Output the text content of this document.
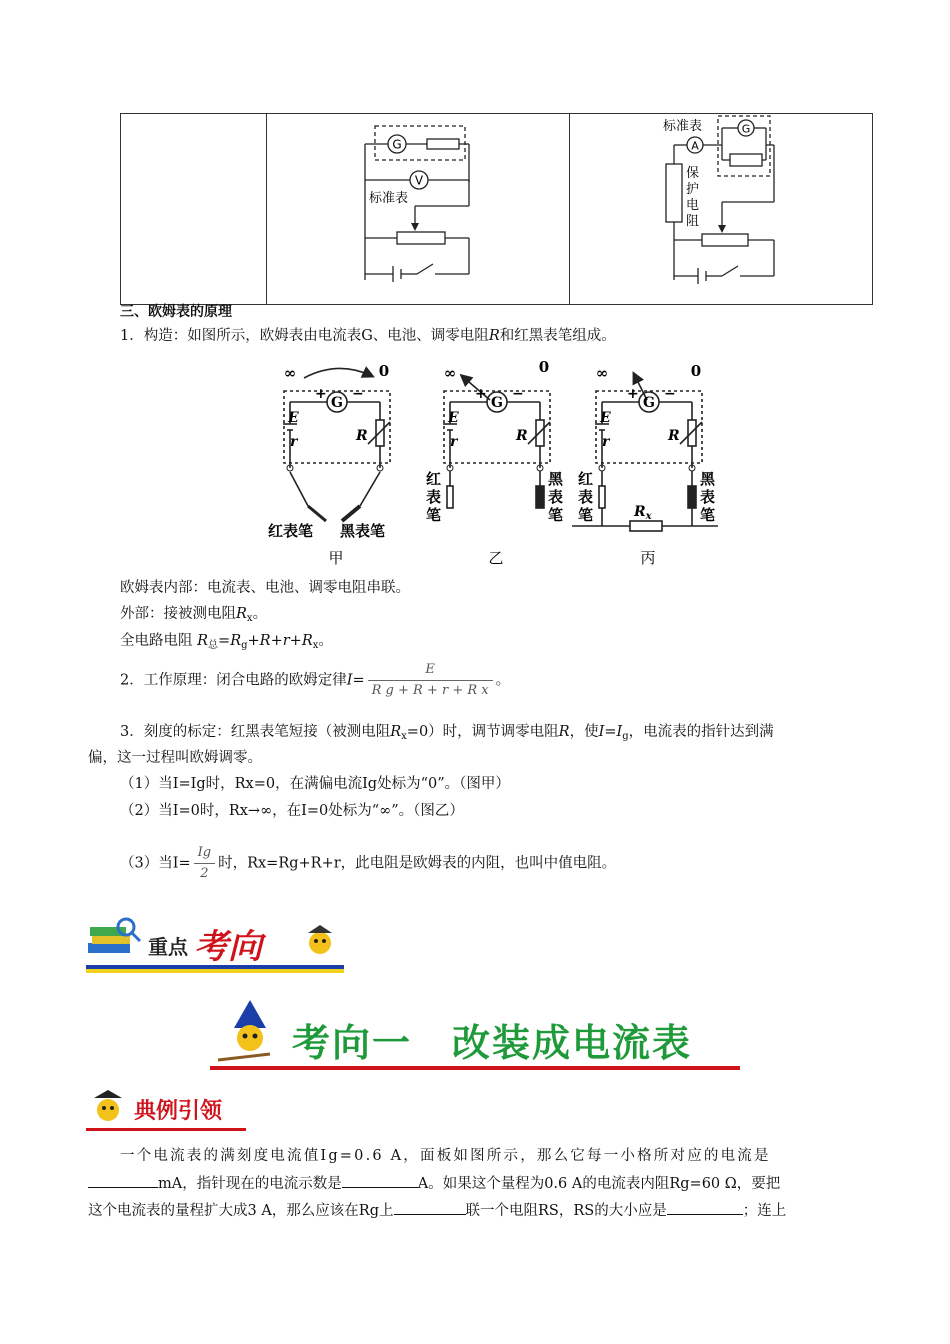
G
V
标准表

G
A
标准表
保
护
电
阻
三、欧姆表的原理
1．构造：如图所示，欧姆表由电流表G、电池、调零电阻R和红黑表笔组成。
∞	0
G
+ −
E
r	R
红表笔 黑表笔
甲
∞	0
G
+ −
E
r	R
红
表
笔
黑
表
笔
乙
∞	0
G
+ −
E
r	R
$R_x$
红
表
笔
黑
表
笔
丙
欧姆表内部：电流表、电池、调零电阻串联。
外部：接被测电阻$R_x$。
全电路电阻 $R_总=R_g+R+r+R_x$。
2．工作原理：闭合电路的欧姆定律$I= \frac{E}{\text{R g + R + r + R x}}$ 。
3．刻度的标定：红黑表笔短接（被测电阻$R_x=0$）时，调节调零电阻R，使$I=I_g$，电流表的指针达到满
偏，这一过程叫欧姆调零。
（1）当I=Ig时，Rx=0，在满偏电流Ig处标为“0”。（图甲）
（2）当I=0时，Rx→∞，在I=0处标为“∞”。（图乙）
（3）当$I= \frac{Ig}{2}$ 时，Rx=Rg+R+r，此电阻是欧姆表的内阻，也叫中值电阻。
重点 考向
考向一　改装成电流表
典例引领
一个电流表的满刻度电流值Ig=0.6 A，面板如图所示，那么它每一小格所对应的电流是
mA，指针现在的电流示数是	A。如果这个量程为0.6 A的电流表内阻Rg=60 Ω，要把
这个电流表的量程扩大成3 A，那么应该在Rg上	联一个电阻RS，RS的大小应是	；连上
